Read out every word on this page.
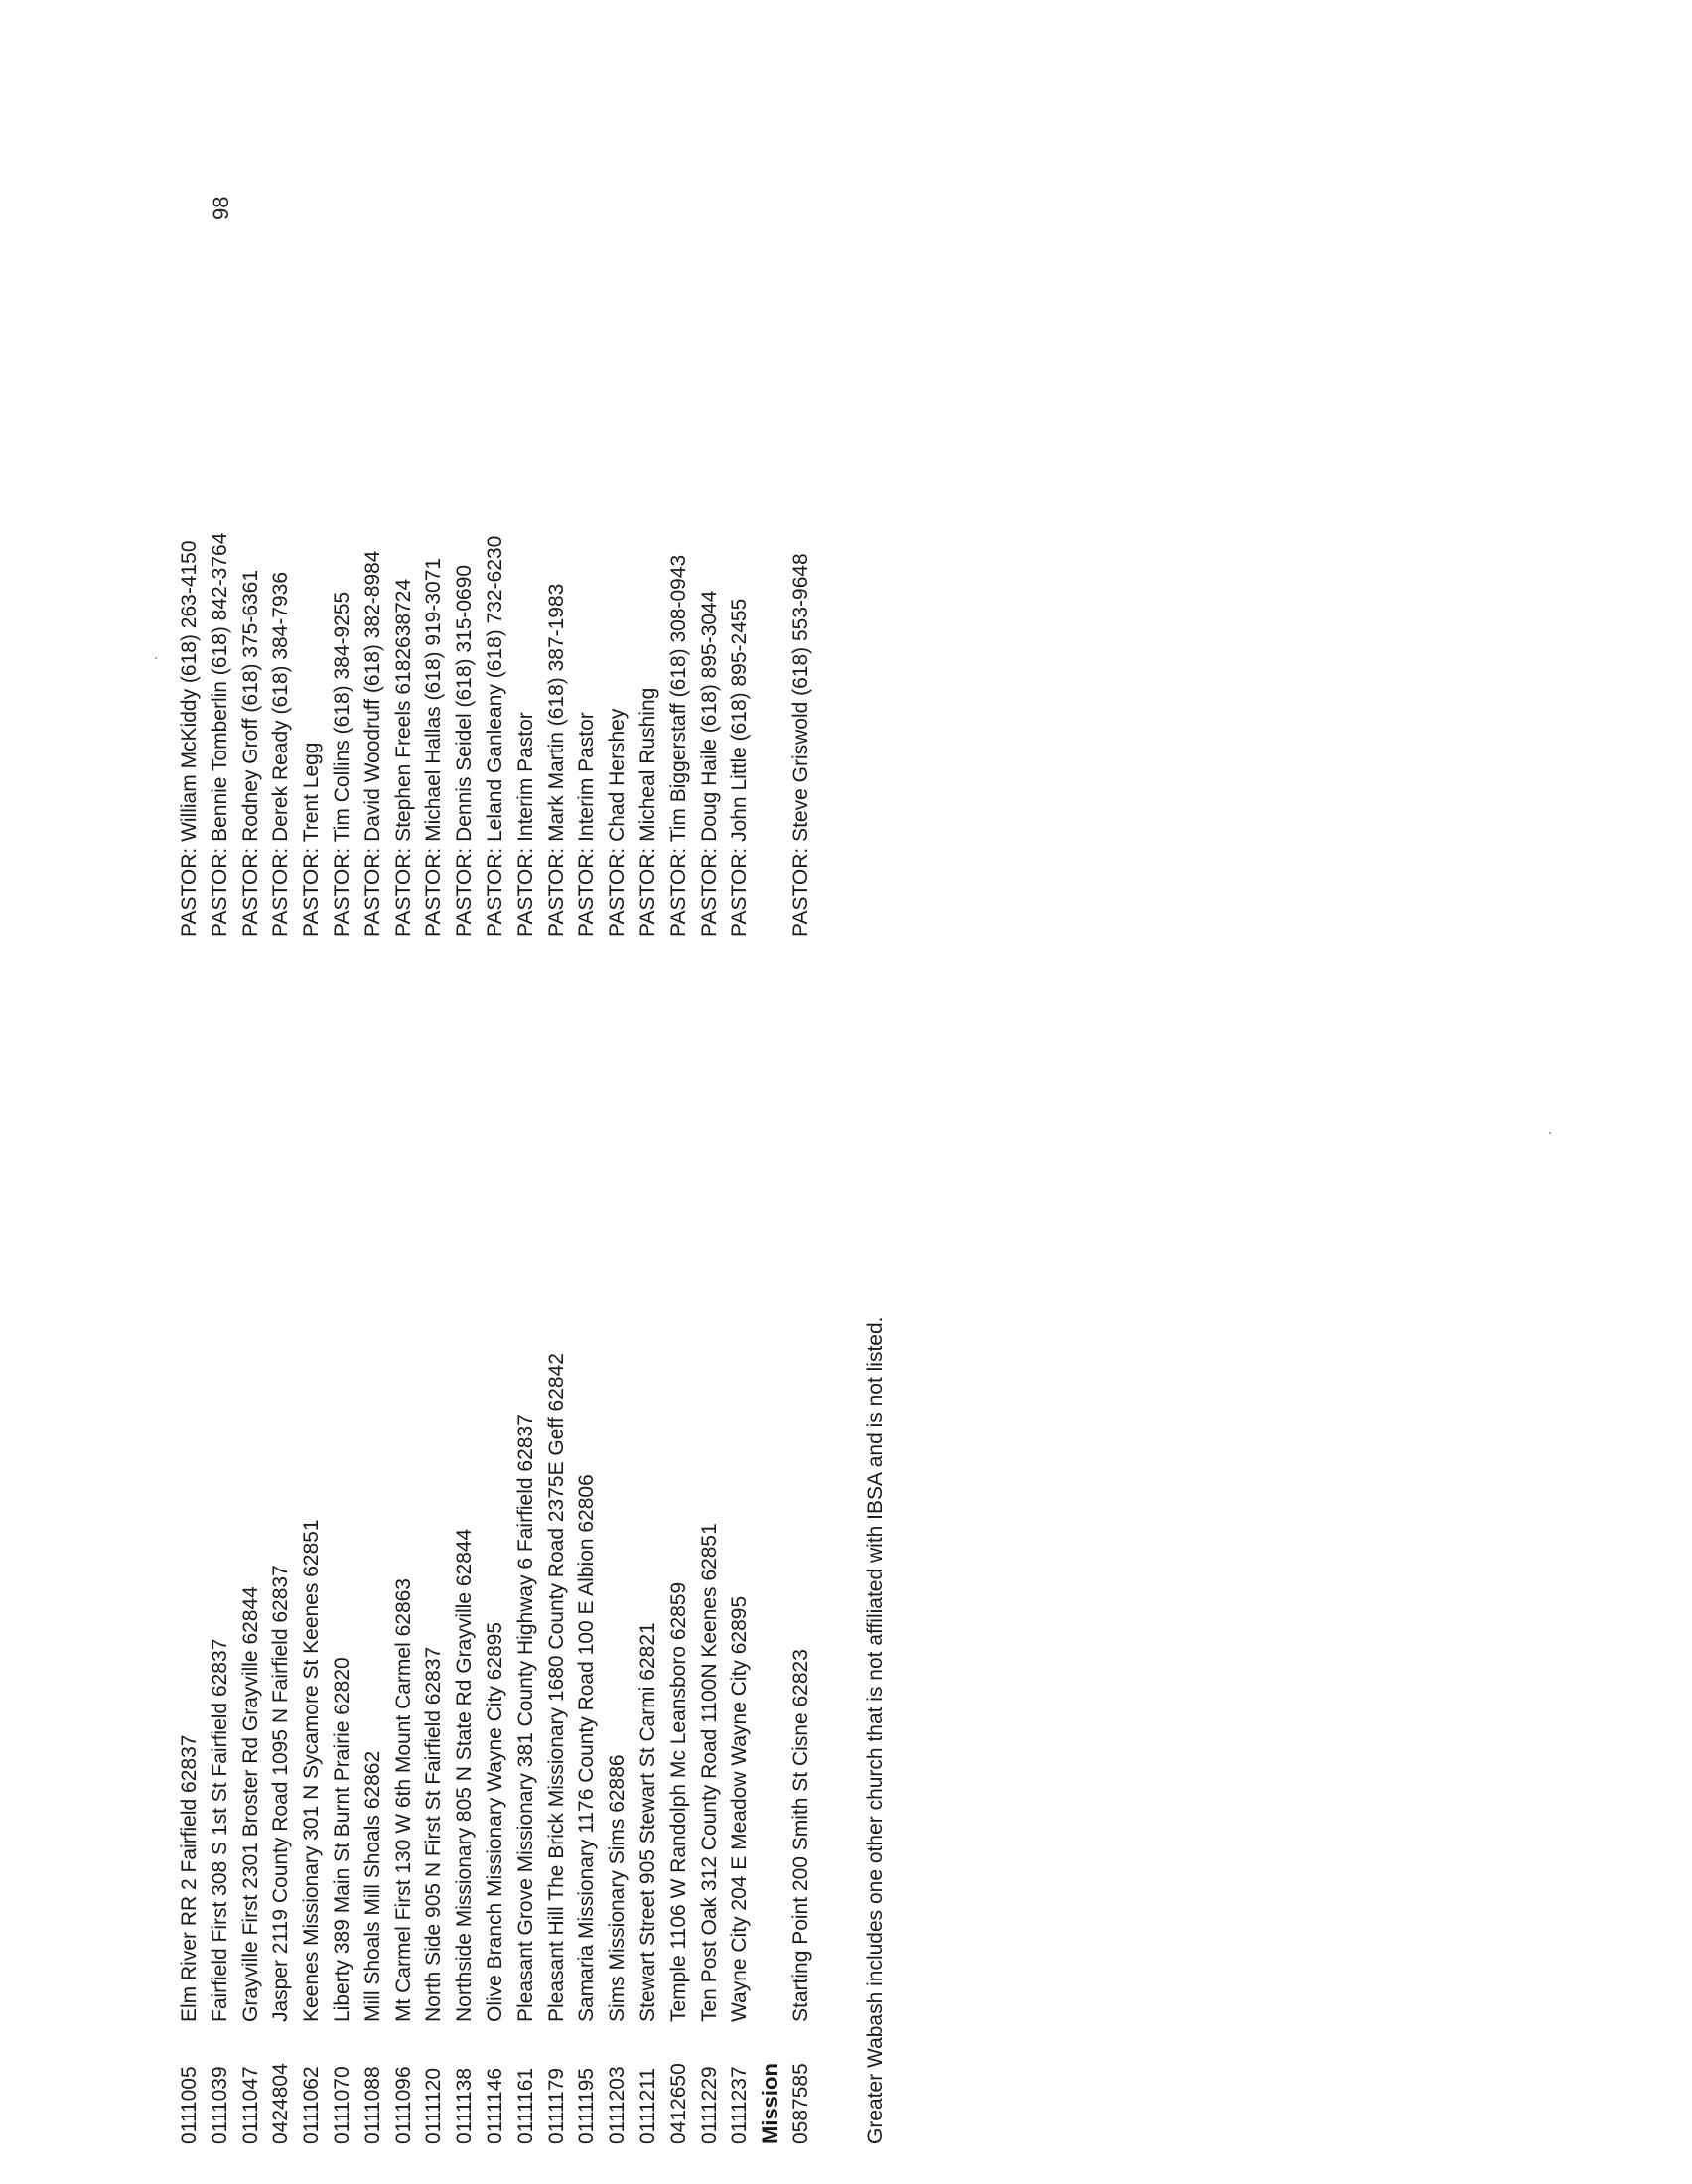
98
0111005
Elm River RR 2 Fairfield 62837
PASTOR: William McKiddy (618) 263-4150
0111039
Fairfield First 308 S 1st St Fairfield 62837
PASTOR: Bennie Tomberlin (618) 842-3764
0111047
Grayville First 2301 Broster Rd Grayville 62844
PASTOR: Rodney Groff (618) 375-6361
0424804
Jasper 2119 County Road 1095 N Fairfield 62837
PASTOR: Derek Ready (618) 384-7936
0111062
Keenes Missionary 301 N Sycamore St Keenes 62851
PASTOR: Trent Legg
0111070
Liberty 389 Main St Burnt Prairie 62820
PASTOR: Tim Collins (618) 384-9255
0111088
Mill Shoals Mill Shoals 62862
PASTOR: David Woodruff (618) 382-8984
0111096
Mt Carmel First 130 W 6th Mount Carmel 62863
PASTOR: Stephen Freels 6182638724
0111120
North Side 905 N First St Fairfield 62837
PASTOR: Michael Hallas (618) 919-3071
0111138
Northside Missionary 805 N State Rd Grayville 62844
PASTOR: Dennis Seidel (618) 315-0690
0111146
Olive Branch Missionary Wayne City 62895
PASTOR: Leland Ganleany (618) 732-6230
0111161
Pleasant Grove Missionary 381 County Highway 6 Fairfield 62837
PASTOR: Interim Pastor
0111179
Pleasant Hill The Brick Missionary 1680 County Road 2375E Geff 62842
PASTOR: Mark Martin (618) 387-1983
0111195
Samaria Missionary 1176 County Road 100 E Albion 62806
PASTOR: Interim Pastor
0111203
Sims Missionary Sims 62886
PASTOR: Chad Hershey
0111211
Stewart Street 905 Stewart St Carmi 62821
PASTOR: Micheal Rushing
0412650
Temple 1106 W Randolph Mc Leansboro 62859
PASTOR: Tim Biggerstaff (618) 308-0943
0111229
Ten Post Oak 312 County Road 1100N Keenes 62851
PASTOR: Doug Haile (618) 895-3044
0111237
Wayne City 204 E Meadow Wayne City 62895
PASTOR: John Little (618) 895-2455
Mission 0587585
Starting Point 200 Smith St Cisne 62823
PASTOR: Steve Griswold (618) 553-9648
Greater Wabash includes one other church that is not affiliated with IBSA and is not listed.
